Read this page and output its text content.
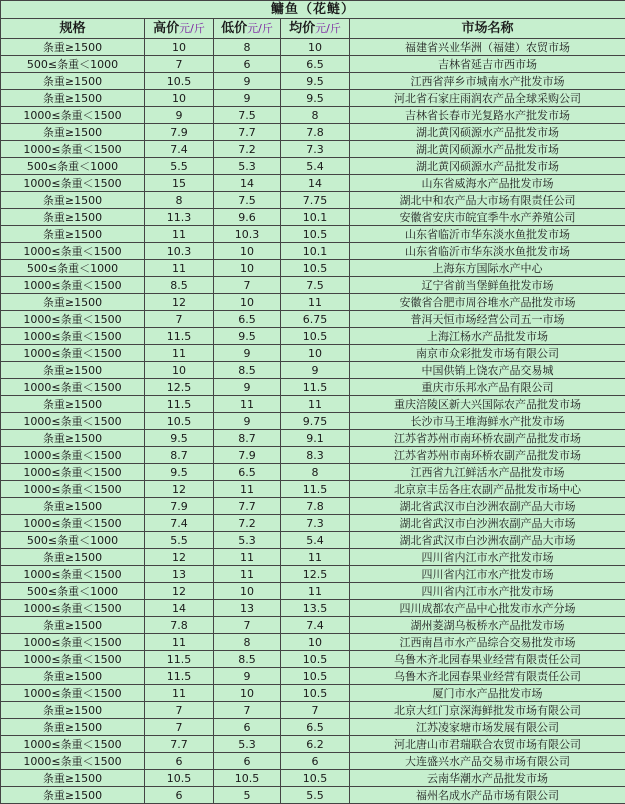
鳙鱼（花鲢）				
规格	高价元/斤	低价元/斤	均价元/斤	市场名称
条重≥1500	10	8	10	福建省兴业华洲（福建）农贸市场
500≤条重＜1000	7	6	6.5	吉林省延吉市西市场
条重≥1500	10.5	9	9.5	江西省萍乡市城南水产批发市场
条重≥1500	10	9	9.5	河北省石家庄雨润农产品全球采购公司
1000≤条重＜1500	9	7.5	8	吉林省长春市光复路水产批发市场
条重≥1500	7.9	7.7	7.8	湖北黄冈硕源水产品批发市场
1000≤条重＜1500	7.4	7.2	7.3	湖北黄冈硕源水产品批发市场
500≤条重＜1000	5.5	5.3	5.4	湖北黄冈硕源水产品批发市场
1000≤条重＜1500	15	14	14	山东省威海水产品批发市场
条重≥1500	8	7.5	7.75	湖北中和农产品大市场有限责任公司
条重≥1500	11.3	9.6	10.1	安徽省安庆市皖宜季牛水产养殖公司
条重≥1500	11	10.3	10.5	山东省临沂市华东淡水鱼批发市场
1000≤条重＜1500	10.3	10	10.1	山东省临沂市华东淡水鱼批发市场
500≤条重＜1000	11	10	10.5	上海东方国际水产中心
1000≤条重＜1500	8.5	7	7.5	辽宁省前当堡鲜鱼批发市场
条重≥1500	12	10	11	安徽省合肥市周谷堆水产品批发市场
1000≤条重＜1500	7	6.5	6.75	普洱天恒市场经营公司五一市场
1000≤条重＜1500	11.5	9.5	10.5	上海江杨水产品批发市场
1000≤条重＜1500	11	9	10	南京市众彩批发市场有限公司
条重≥1500	10	8.5	9	中国供销上饶农产品交易城
1000≤条重＜1500	12.5	9	11.5	重庆市乐邦水产品有限公司
条重≥1500	11.5	11	11	重庆涪陵区新大兴国际农产品批发市场
1000≤条重＜1500	10.5	9	9.75	长沙市马王堆海鲜水产批发市场
条重≥1500	9.5	8.7	9.1	江苏省苏州市南环桥农副产品批发市场
1000≤条重＜1500	8.7	7.9	8.3	江苏省苏州市南环桥农副产品批发市场
1000≤条重＜1500	9.5	6.5	8	江西省九江鲜活水产品批发市场
1000≤条重＜1500	12	11	11.5	北京京丰岳各庄农副产品批发市场中心
条重≥1500	7.9	7.7	7.8	湖北省武汉市白沙洲农副产品大市场
1000≤条重＜1500	7.4	7.2	7.3	湖北省武汉市白沙洲农副产品大市场
500≤条重＜1000	5.5	5.3	5.4	湖北省武汉市白沙洲农副产品大市场
条重≥1500	12	11	11	四川省内江市水产批发市场
1000≤条重＜1500	13	11	12.5	四川省内江市水产批发市场
500≤条重＜1000	12	10	11	四川省内江市水产批发市场
1000≤条重＜1500	14	13	13.5	四川成都农产品中心批发市水产分场
条重≥1500	7.8	7	7.4	湖州菱湖乌板桥水产品批发市场
1000≤条重＜1500	11	8	10	江西南昌市水产品综合交易批发市场
1000≤条重＜1500	11.5	8.5	10.5	乌鲁木齐北园春果业经营有限责任公司
条重≥1500	11.5	9	10.5	乌鲁木齐北园春果业经营有限责任公司
1000≤条重＜1500	11	10	10.5	厦门市水产品批发市场
条重≥1500	7	7	7	北京大红门京深海鲜批发市场有限公司
条重≥1500	7	6	6.5	江苏凌家塘市场发展有限公司
1000≤条重＜1500	7.7	5.3	6.2	河北唐山市君瑞联合农贸市场有限公司
1000≤条重＜1500	6	6	6	大连盛兴水产品交易市场有限公司
条重≥1500	10.5	10.5	10.5	云南华潮水产品批发市场
条重≥1500	6	5	5.5	福州名成水产品市场有限公司
